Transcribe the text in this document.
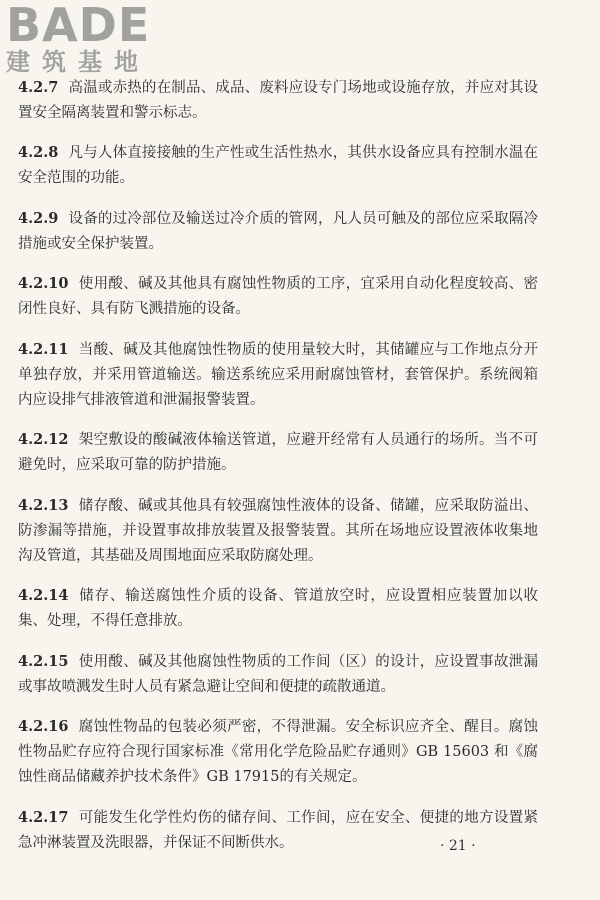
BADE
建筑基地

4.2.7 高温或赤热的在制品、成品、废料应设专门场地或设施存放，并应对其设置安全隔离装置和警示标志。

4.2.8 凡与人体直接接触的生产性或生活性热水，其供水设备应具有控制水温在安全范围的功能。

4.2.9 设备的过冷部位及输送过冷介质的管网，凡人员可触及的部位应采取隔冷措施或安全保护装置。

4.2.10 使用酸、碱及其他具有腐蚀性物质的工序，宜采用自动化程度较高、密闭性良好、具有防飞溅措施的设备。

4.2.11 当酸、碱及其他腐蚀性物质的使用量较大时，其储罐应与工作地点分开单独存放，并采用管道输送。输送系统应采用耐腐蚀管材，套管保护。系统阀箱内应设排气排液管道和泄漏报警装置。

4.2.12 架空敷设的酸碱液体输送管道，应避开经常有人员通行的场所。当不可避免时，应采取可靠的防护措施。

4.2.13 储存酸、碱或其他具有较强腐蚀性液体的设备、储罐，应采取防溢出、防渗漏等措施，并设置事故排放装置及报警装置。其所在场地应设置液体收集地沟及管道，其基础及周围地面应采取防腐处理。

4.2.14 储存、输送腐蚀性介质的设备、管道放空时，应设置相应装置加以收集、处理，不得任意排放。

4.2.15 使用酸、碱及其他腐蚀性物质的工作间（区）的设计，应设置事故泄漏或事故喷溅发生时人员有紧急避让空间和便捷的疏散通道。

4.2.16 腐蚀性物品的包装必须严密，不得泄漏。安全标识应齐全、醒目。腐蚀性物品贮存应符合现行国家标准《常用化学危险品贮存通则》GB 15603 和《腐蚀性商品储藏养护技术条件》GB 17915的有关规定。

4.2.17 可能发生化学性灼伤的储存间、工作间，应在安全、便捷的地方设置紧急冲淋装置及洗眼器，并保证不间断供水。	· 21 ·
